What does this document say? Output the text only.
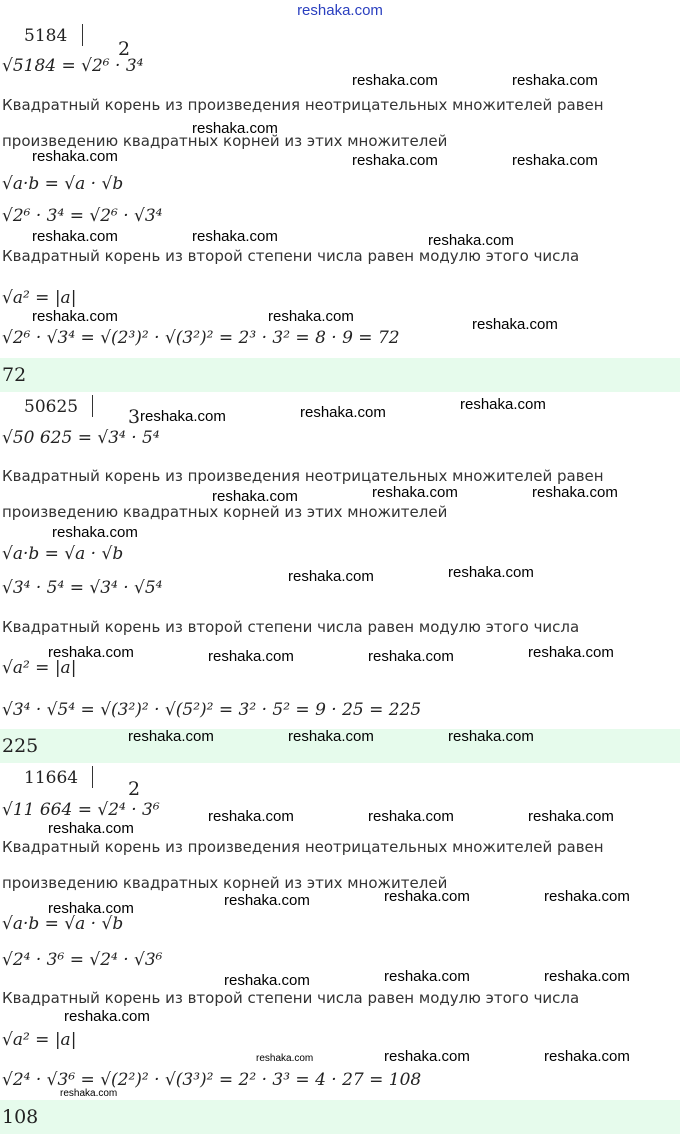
reshaka.com
5184
2
√5184 = √2⁶ · 3⁴
Квадратный корень из произведения неотрицательных множителей равен
произведению квадратных корней из этих множителей
√a·b = √a · √b
√2⁶ · 3⁴ = √2⁶ · √3⁴
Квадратный корень из второй степени числа равен модулю этого числа
√a² = |a|
√2⁶ · √3⁴ = √(2³)² · √(3²)² = 2³ · 3² = 8 · 9 = 72
72
50625	3
√50 625 = √3⁴ · 5⁴
Квадратный корень из произведения неотрицательных множителей равен
произведению квадратных корней из этих множителей
√a·b = √a · √b
√3⁴ · 5⁴ = √3⁴ · √5⁴
Квадратный корень из второй степени числа равен модулю этого числа
√a² = |a|
√3⁴ · √5⁴ = √(3²)² · √(5²)² = 3² · 5² = 9 · 25 = 225
225
11664	2
√11 664 = √2⁴ · 3⁶
Квадратный корень из произведения неотрицательных множителей равен
произведению квадратных корней из этих множителей
√a·b = √a · √b
√2⁴ · 3⁶ = √2⁴ · √3⁶
Квадратный корень из второй степени числа равен модулю этого числа
√a² = |a|
√2⁴ · √3⁶ = √(2²)² · √(3³)² = 2² · 3³ = 4 · 27 = 108
108
reshaka.com	reshaka.com
reshaka.com
reshaka.com	reshaka.com	reshaka.com
reshaka.com	reshaka.com	reshaka.com
reshaka.com	reshaka.com	reshaka.com
reshaka.com	reshaka.com	reshaka.com
reshaka.com	reshaka.com	reshaka.com
reshaka.com
reshaka.com	reshaka.com
reshaka.com	reshaka.com	reshaka.com	reshaka.com
reshaka.com	reshaka.com	reshaka.com
reshaka.com	reshaka.com	reshaka.com
reshaka.com
reshaka.com	reshaka.com	reshaka.com
reshaka.com
reshaka.com	reshaka.com	reshaka.com
reshaka.com
reshaka.com	reshaka.com
reshaka.com
reshaka.com
